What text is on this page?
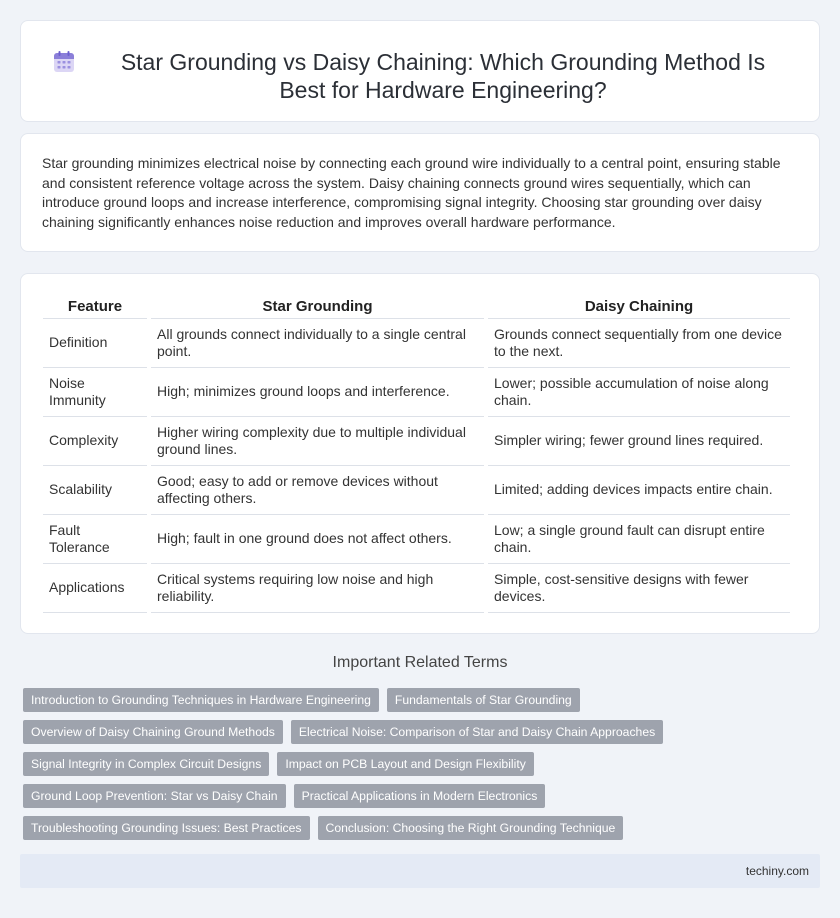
Star Grounding vs Daisy Chaining: Which Grounding Method Is Best for Hardware Engineering?

Star grounding minimizes electrical noise by connecting each ground wire individually to a central point, ensuring stable and consistent reference voltage across the system. Daisy chaining connects ground wires sequentially, which can introduce ground loops and increase interference, compromising signal integrity. Choosing star grounding over daisy chaining significantly enhances noise reduction and improves overall hardware performance.

Feature	Star Grounding	Daisy Chaining
Definition	All grounds connect individually to a single central point.	Grounds connect sequentially from one device to the next.
Noise Immunity	High; minimizes ground loops and interference.	Lower; possible accumulation of noise along chain.
Complexity	Higher wiring complexity due to multiple individual ground lines.	Simpler wiring; fewer ground lines required.
Scalability	Good; easy to add or remove devices without affecting others.	Limited; adding devices impacts entire chain.
Fault Tolerance	High; fault in one ground does not affect others.	Low; a single ground fault can disrupt entire chain.
Applications	Critical systems requiring low noise and high reliability.	Simple, cost-sensitive designs with fewer devices.
Important Related Terms
Introduction to Grounding Techniques in Hardware Engineering	Fundamentals of Star Grounding
Overview of Daisy Chaining Ground Methods	Electrical Noise: Comparison of Star and Daisy Chain Approaches
Signal Integrity in Complex Circuit Designs	Impact on PCB Layout and Design Flexibility
Ground Loop Prevention: Star vs Daisy Chain	Practical Applications in Modern Electronics
Troubleshooting Grounding Issues: Best Practices	Conclusion: Choosing the Right Grounding Technique
techiny.com
